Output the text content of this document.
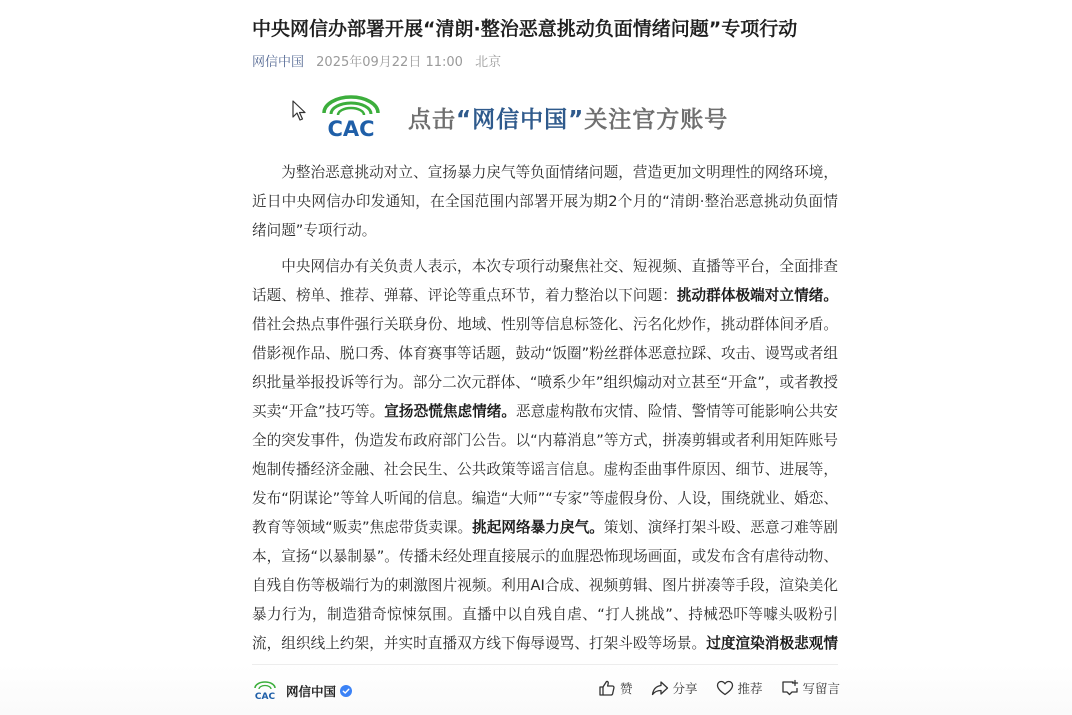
中央网信办部署开展“清朗·整治恶意挑动负面情绪问题”专项行动
网信中国 2025年09月22日 11:00 北京
CAC 点击“网信中国”关注官方账号

为整治恶意挑动对立、宣扬暴力戾气等负面情绪问题，营造更加文明理性的网络环境，近日中央网信办印发通知，在全国范围内部署开展为期2个月的“清朗·整治恶意挑动负面情绪问题”专项行动。

中央网信办有关负责人表示，本次专项行动聚焦社交、短视频、直播等平台，全面排查话题、榜单、推荐、弹幕、评论等重点环节，着力整治以下问题：挑动群体极端对立情绪。借社会热点事件强行关联身份、地域、性别等信息标签化、污名化炒作，挑动群体间矛盾。借影视作品、脱口秀、体育赛事等话题，鼓动“饭圈”粉丝群体恶意拉踩、攻击、谩骂或者组织批量举报投诉等行为。部分二次元群体、“喷系少年”组织煽动对立甚至“开盒”，或者教授买卖“开盒”技巧等。宣扬恐慌焦虑情绪。恶意虚构散布灾情、险情、警情等可能影响公共安全的突发事件，伪造发布政府部门公告。以“内幕消息”等方式，拼凑剪辑或者利用矩阵账号炮制传播经济金融、社会民生、公共政策等谣言信息。虚构歪曲事件原因、细节、进展等，发布“阴谋论”等耸人听闻的信息。编造“大师”“专家”等虚假身份、人设，围绕就业、婚恋、教育等领域“贩卖”焦虑带货卖课。挑起网络暴力戾气。策划、演绎打架斗殴、恶意刁难等剧本，宣扬“以暴制暴”。传播未经处理直接展示的血腥恐怖现场画面，或发布含有虐待动物、自残自伤等极端行为的刺激图片视频。利用AI合成、视频剪辑、图片拼凑等手段，渲染美化暴力行为，制造猎奇惊悚氛围。直播中以自残自虐、“打人挑战”、持械恐吓等噱头吸粉引流，组织线上约架，并实时直播双方线下侮辱谩骂、打架斗殴等场景。过度渲染消极悲观情

CAC 网信中国	赞	分享	推荐	写留言
